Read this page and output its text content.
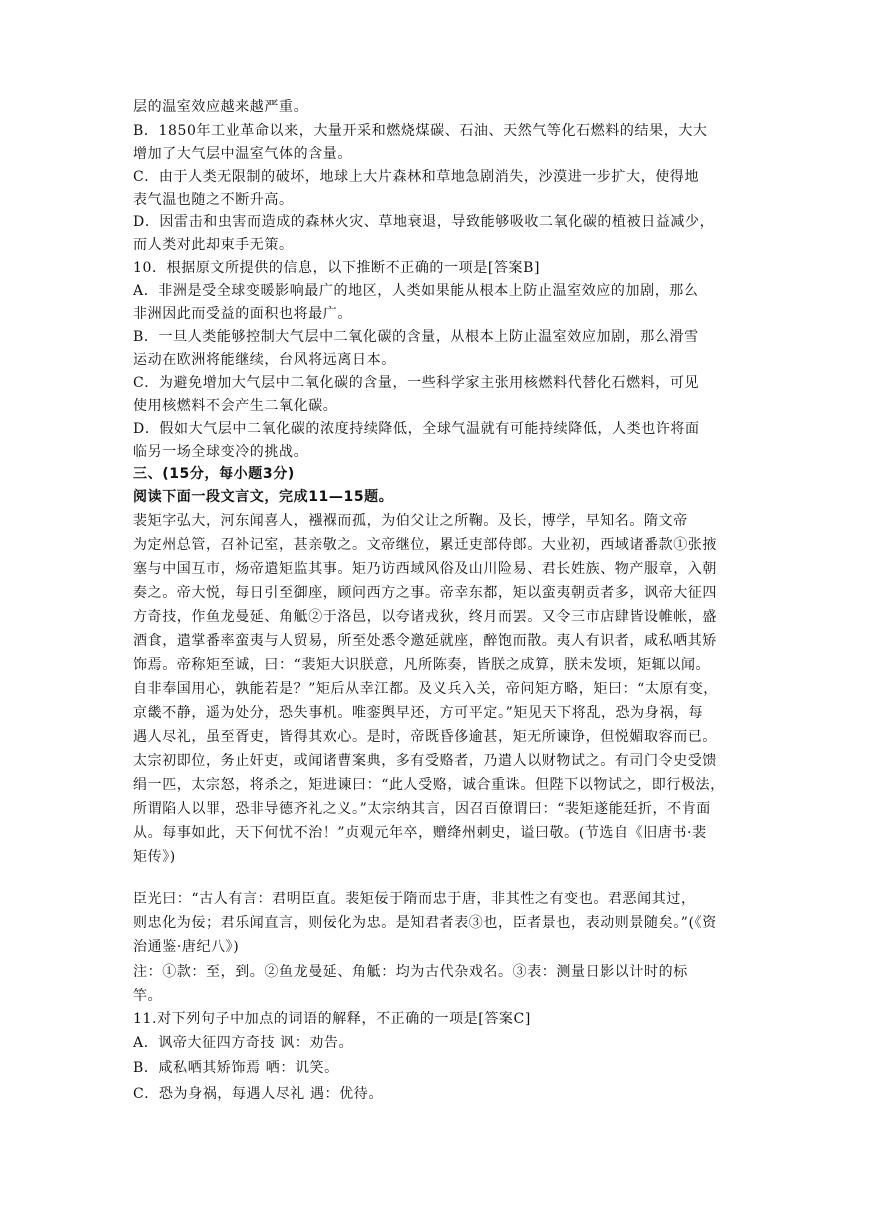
层的温室效应越来越严重。
B．1850年工业革命以来，大量开采和燃烧煤碳、石油、天然气等化石燃料的结果，大大
增加了大气层中温室气体的含量。
C．由于人类无限制的破坏，地球上大片森林和草地急剧消失，沙漠进一步扩大，使得地
表气温也随之不断升高。
D．因雷击和虫害而造成的森林火灾、草地衰退，导致能够吸收二氧化碳的植被日益减少，
而人类对此却束手无策。
10．根据原文所提供的信息，以下推断不正确的一项是[答案B]
A．非洲是受全球变暖影响最广的地区，人类如果能从根本上防止温室效应的加剧，那么
非洲因此而受益的面积也将最广。
B．一旦人类能够控制大气层中二氧化碳的含量，从根本上防止温室效应加剧，那么滑雪
运动在欧洲将能继续，台风将远离日本。
C．为避免增加大气层中二氧化碳的含量，一些科学家主张用核燃料代替化石燃料，可见
使用核燃料不会产生二氧化碳。
D．假如大气层中二氧化碳的浓度持续降低，全球气温就有可能持续降低，人类也许将面
临另一场全球变冷的挑战。
三、(15分，每小题3分)
阅读下面一段文言文，完成11—15题。
裴矩字弘大，河东闻喜人，襁褓而孤，为伯父让之所鞠。及长，博学，早知名。隋文帝
为定州总管，召补记室，甚亲敬之。文帝继位，累迁吏部侍郎。大业初，西域诸番款①张掖
塞与中国互市，炀帝遣矩监其事。矩乃访西域风俗及山川险易、君长姓族、物产服章，入朝
奏之。帝大悦，每日引至御座，顾问西方之事。帝幸东都，矩以蛮夷朝贡者多，讽帝大征四
方奇技，作鱼龙曼延、角觝②于洛邑，以夸诸戎狄，终月而罢。又令三市店肆皆设帷帐，盛
酒食，遣掌番率蛮夷与人贸易，所至处悉令邀延就座，醉饱而散。夷人有识者，咸私哂其矫
饰焉。帝称矩至诚，曰：“裴矩大识朕意，凡所陈奏，皆朕之成算，朕未发顷，矩辄以闻。
自非奉国用心，孰能若是？”矩后从幸江都。及义兵入关，帝问矩方略，矩曰：“太原有变，
京畿不静，遥为处分，恐失事机。唯銮舆早还，方可平定。”矩见天下将乱，恐为身祸，每
遇人尽礼，虽至胥吏，皆得其欢心。是时，帝既昏侈逾甚，矩无所谏诤，但悦媚取容而已。
太宗初即位，务止奸吏，或闻诸曹案典，多有受赂者，乃遣人以财物试之。有司门令史受馈
绢一匹，太宗怒，将杀之，矩进谏曰：“此人受赂，诚合重诛。但陛下以物试之，即行极法，
所谓陷人以罪，恐非导德齐礼之义。”太宗纳其言，因召百僚谓曰：“裴矩遂能廷折，不肯面
从。每事如此，天下何忧不治！”贞观元年卒，赠绛州刺史，谥曰敬。(节选自《旧唐书·裴
矩传》)
臣光曰：“古人有言：君明臣直。裴矩佞于隋而忠于唐，非其性之有变也。君恶闻其过，
则忠化为佞；君乐闻直言，则佞化为忠。是知君者表③也，臣者景也，表动则景随矣。”(《资
治通鉴·唐纪八》)
注：①款：至，到。②鱼龙曼延、角觝：均为古代杂戏名。③表：测量日影以计时的标
竿。
11.对下列句子中加点的词语的解释，不正确的一项是[答案C]
A．讽帝大征四方奇技 讽：劝告。
B．咸私哂其矫饰焉 哂：讥笑。
C．恐为身祸，每遇人尽礼 遇：优待。
